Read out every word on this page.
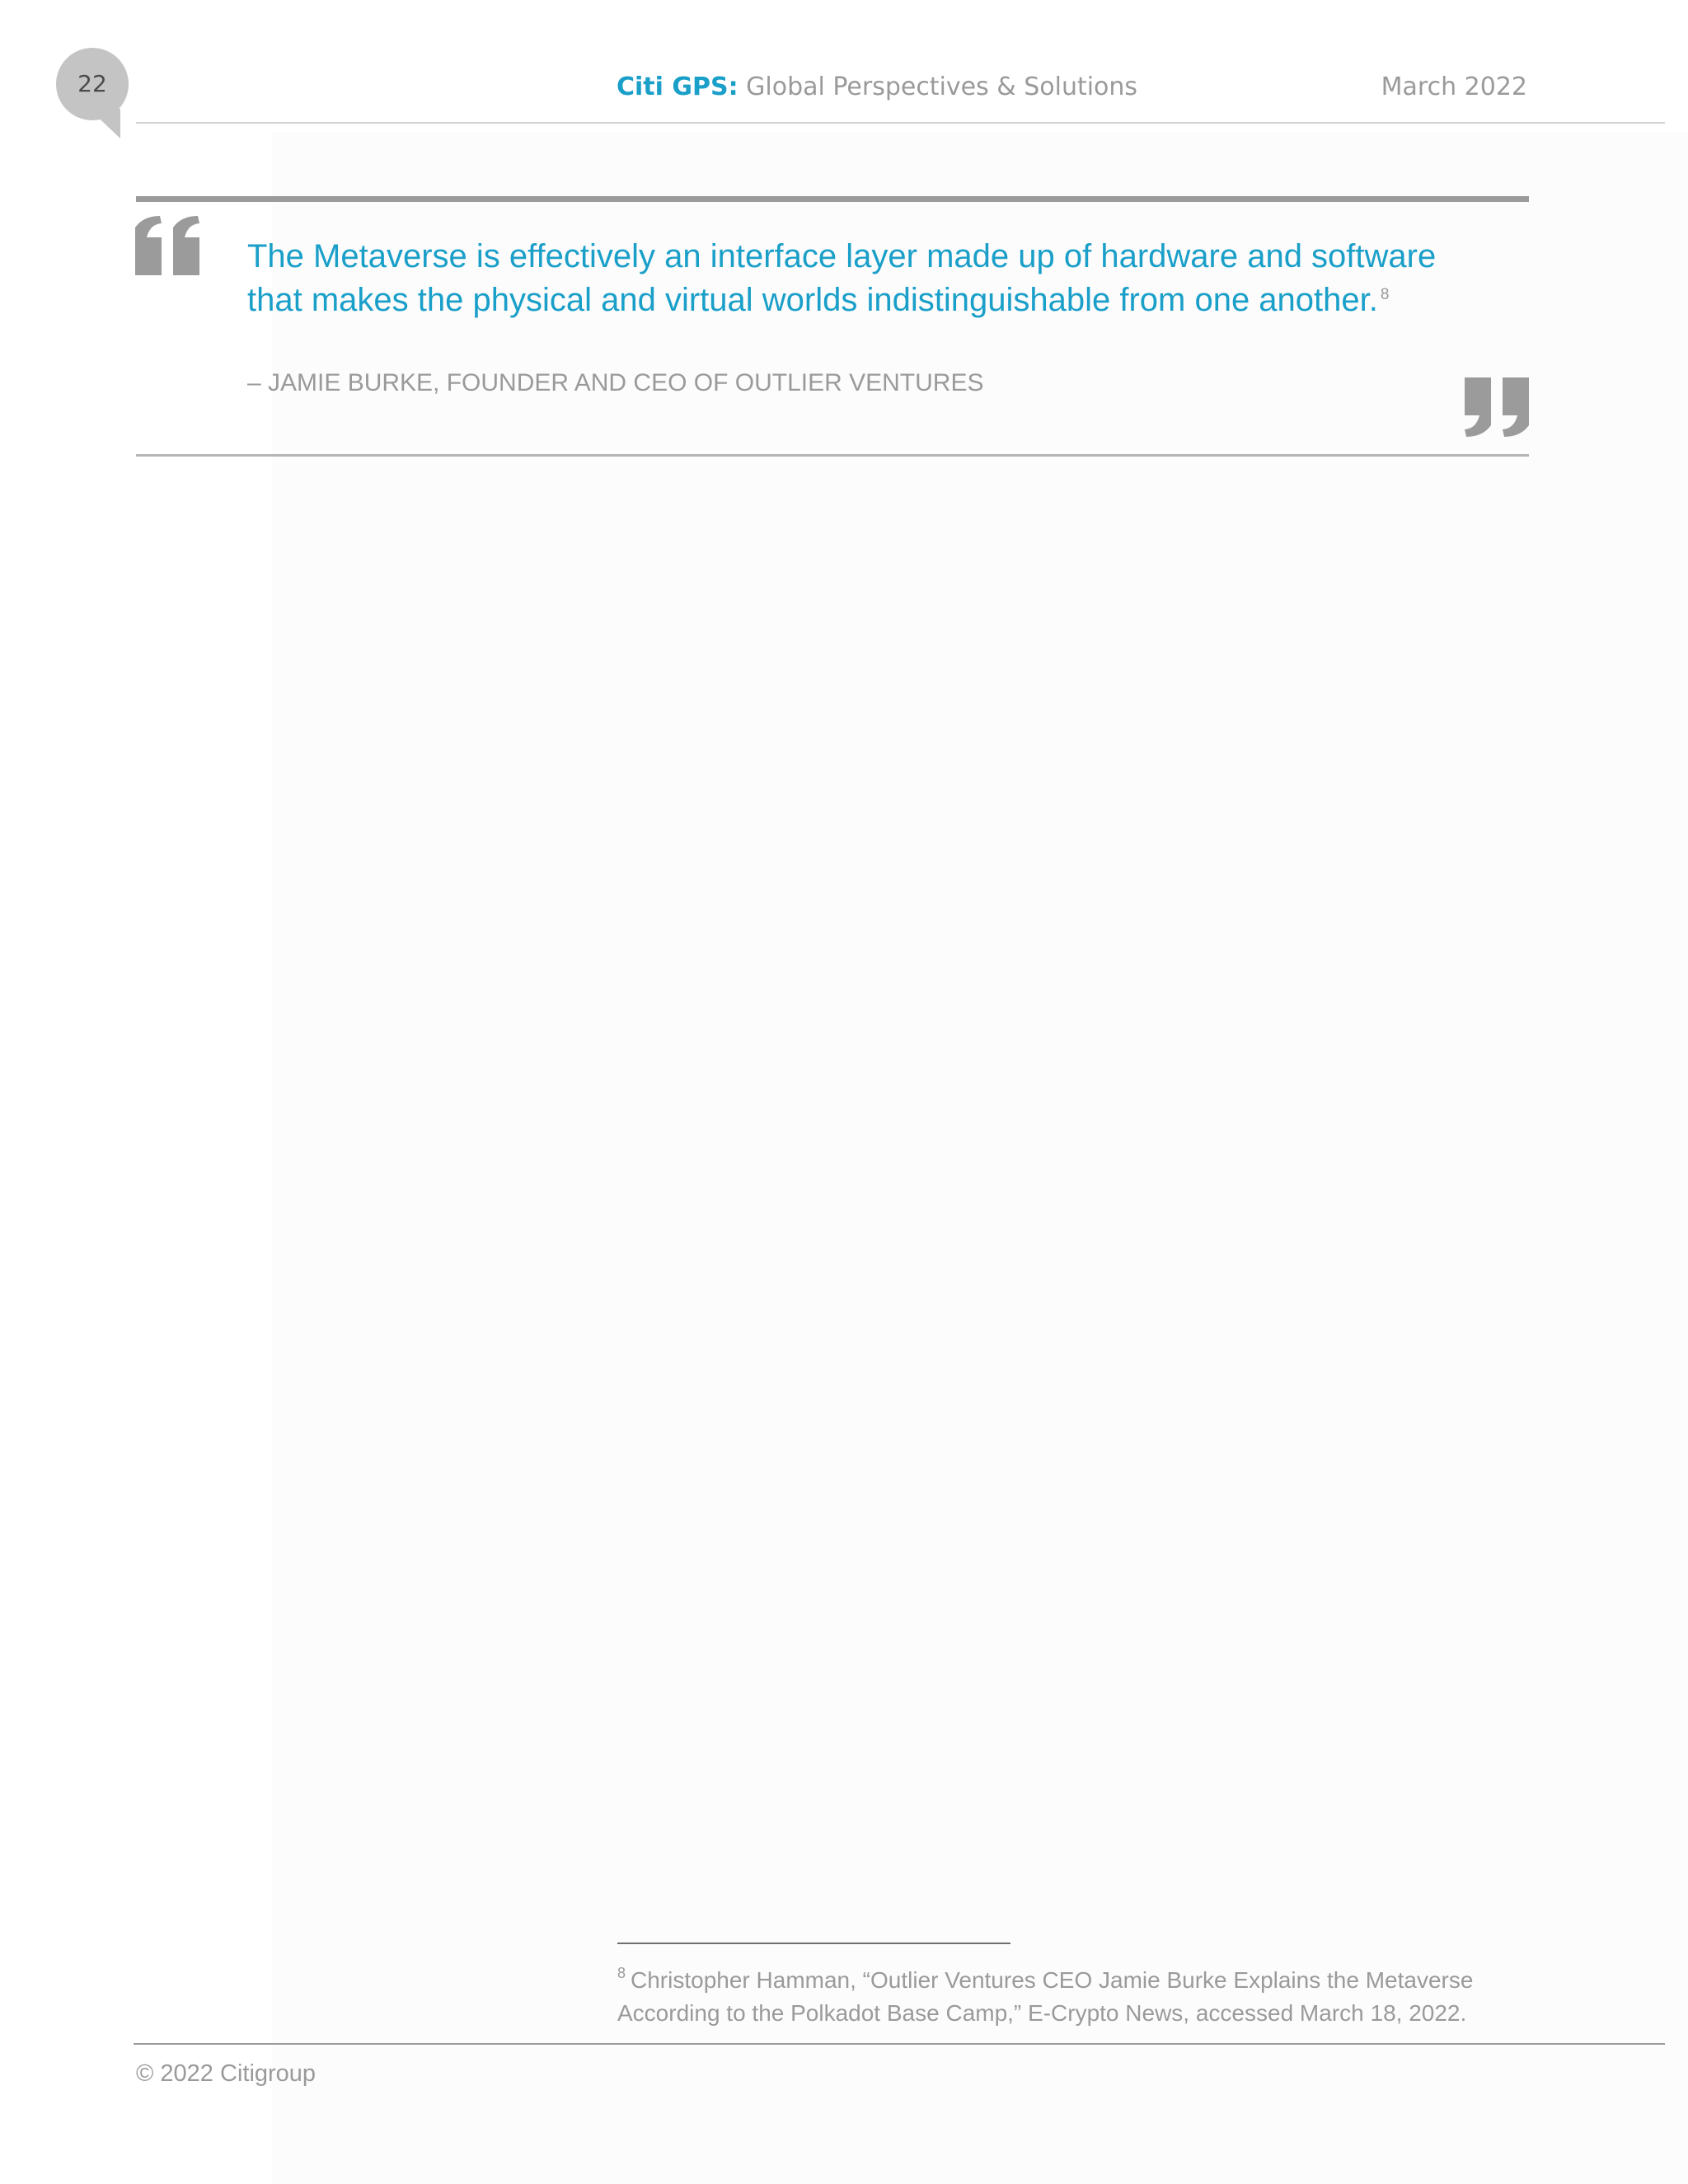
22	Citi GPS: Global Perspectives & Solutions	March 2022

The Metaverse is effectively an interface layer made up of hardware and software that makes the physical and virtual worlds indistinguishable from one another. $^8$

– JAMIE BURKE, FOUNDER AND CEO OF OUTLIER VENTURES
$^8$ Christopher Hamman, “Outlier Ventures CEO Jamie Burke Explains the Metaverse According to the Polkadot Base Camp,” E-Crypto News, accessed March 18, 2022.
© 2022 Citigroup
